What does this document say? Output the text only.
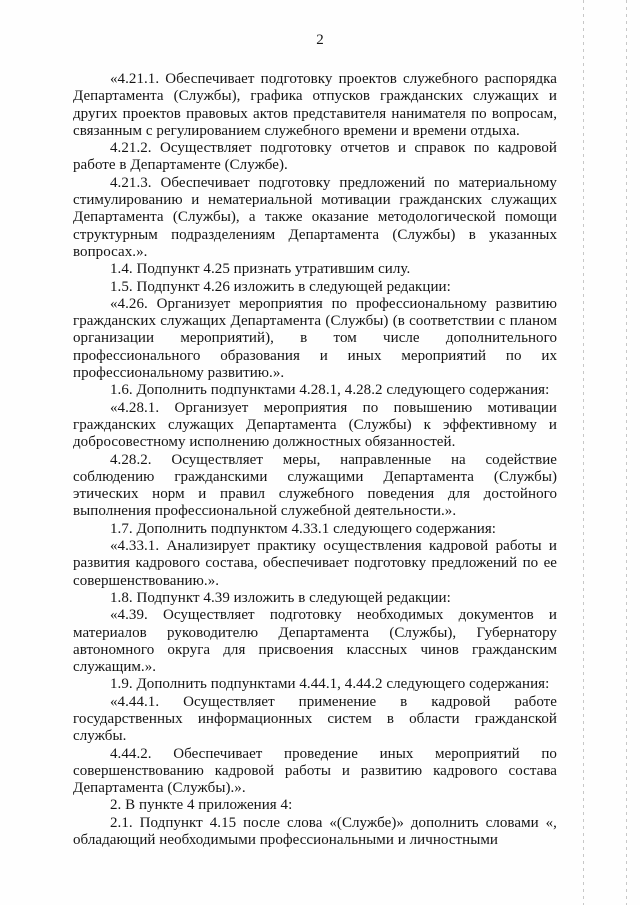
2

«4.21.1. Обеспечивает подготовку проектов служебного распорядка Департамента (Службы), графика отпусков гражданских служащих и других проектов правовых актов представителя нанимателя по вопросам, связанным с регулированием служебного времени и времени отдыха.

4.21.2. Осуществляет подготовку отчетов и справок по кадровой работе в Департаменте (Службе).

4.21.3. Обеспечивает подготовку предложений по материальному стимулированию и нематериальной мотивации гражданских служащих Департамента (Службы), а также оказание методологической помощи структурным подразделениям Департамента (Службы) в указанных вопросах.».

1.4. Подпункт 4.25 признать утратившим силу.

1.5. Подпункт 4.26 изложить в следующей редакции:

«4.26. Организует мероприятия по профессиональному развитию гражданских служащих Департамента (Службы) (в соответствии с планом организации мероприятий), в том числе дополнительного профессионального образования и иных мероприятий по их профессиональному развитию.».

1.6. Дополнить подпунктами 4.28.1, 4.28.2 следующего содержания:

«4.28.1. Организует мероприятия по повышению мотивации гражданских служащих Департамента (Службы) к эффективному и добросовестному исполнению должностных обязанностей.

4.28.2. Осуществляет меры, направленные на содействие соблюдению гражданскими служащими Департамента (Службы) этических норм и правил служебного поведения для достойного выполнения профессиональной служебной деятельности.».

1.7. Дополнить подпунктом 4.33.1 следующего содержания:

«4.33.1. Анализирует практику осуществления кадровой работы и развития кадрового состава, обеспечивает подготовку предложений по ее совершенствованию.».

1.8. Подпункт 4.39 изложить в следующей редакции:

«4.39. Осуществляет подготовку необходимых документов и материалов руководителю Департамента (Службы), Губернатору автономного округа для присвоения классных чинов гражданским служащим.».

1.9. Дополнить подпунктами 4.44.1, 4.44.2 следующего содержания:

«4.44.1. Осуществляет применение в кадровой работе государственных информационных систем в области гражданской службы.

4.44.2. Обеспечивает проведение иных мероприятий по совершенствованию кадровой работы и развитию кадрового состава Департамента (Службы).».

2. В пункте 4 приложения 4:

2.1. Подпункт 4.15 после слова «(Службе)» дополнить словами «, обладающий необходимыми профессиональными и личностными
